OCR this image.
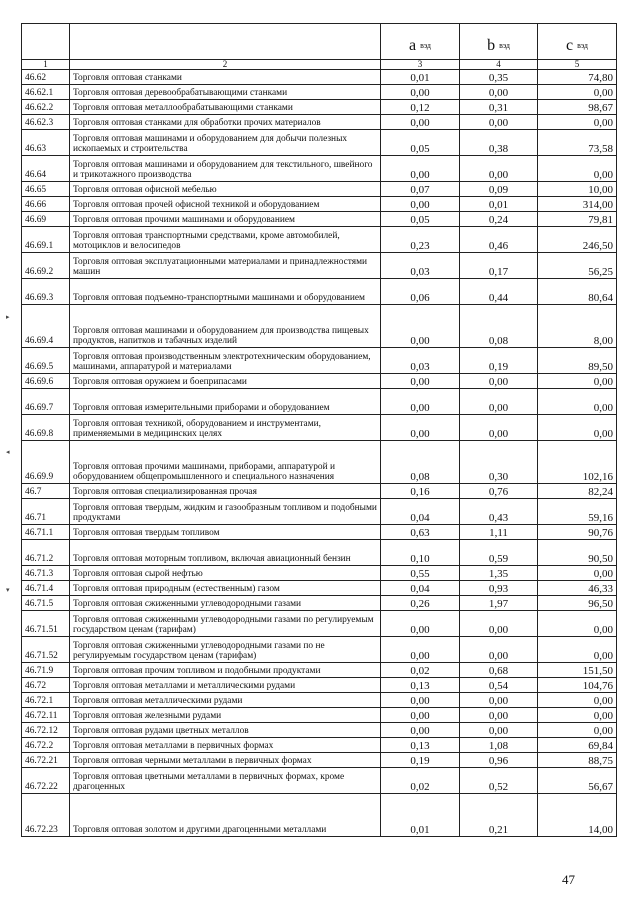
		a $_{вэд}$	b $_{вэд}$	c $_{вэд}$
1	2	3	4	5
46.62	Торговля оптовая станками	0,01	0,35	74,80
46.62.1	Торговля оптовая деревообрабатывающими станками	0,00	0,00	0,00
46.62.2	Торговля оптовая металлообрабатывающими станками	0,12	0,31	98,67
46.62.3	Торговля оптовая станками для обработки прочих материалов	0,00	0,00	0,00
46.63	Торговля оптовая машинами и оборудованием для добычи полезных ископаемых и строительства	0,05	0,38	73,58
46.64	Торговля оптовая машинами и оборудованием для текстильного, швейного и трикотажного производства	0,00	0,00	0,00
46.65	Торговля оптовая офисной мебелью	0,07	0,09	10,00
46.66	Торговля оптовая прочей офисной техникой и оборудованием	0,00	0,01	314,00
46.69	Торговля оптовая прочими машинами и оборудованием	0,05	0,24	79,81
46.69.1	Торговля оптовая транспортными средствами, кроме автомобилей, мотоциклов и велосипедов	0,23	0,46	246,50
46.69.2	Торговля оптовая эксплуатационными материалами и принадлежностями машин	0,03	0,17	56,25
46.69.3	Торговля оптовая подъемно-транспортными машинами и оборудованием	0,06	0,44	80,64
46.69.4	Торговля оптовая машинами и оборудованием для производства пищевых продуктов, напитков и табачных изделий	0,00	0,08	8,00
46.69.5	Торговля оптовая производственным электротехническим оборудованием, машинами, аппаратурой и материалами	0,03	0,19	89,50
46.69.6	Торговля оптовая оружием и боеприпасами	0,00	0,00	0,00
46.69.7	Торговля оптовая измерительными приборами и оборудованием	0,00	0,00	0,00
46.69.8	Торговля оптовая техникой, оборудованием и инструментами, применяемыми в медицинских целях	0,00	0,00	0,00
46.69.9	Торговля оптовая прочими машинами, приборами, аппаратурой и оборудованием общепромышленного и специального назначения	0,08	0,30	102,16
46.7	Торговля оптовая специализированная прочая	0,16	0,76	82,24
46.71	Торговля оптовая твердым, жидким и газообразным топливом и подобными продуктами	0,04	0,43	59,16
46.71.1	Торговля оптовая твердым топливом	0,63	1,11	90,76
46.71.2	Торговля оптовая моторным топливом, включая авиационный бензин	0,10	0,59	90,50
46.71.3	Торговля оптовая сырой нефтью	0,55	1,35	0,00
46.71.4	Торговля оптовая природным (естественным) газом	0,04	0,93	46,33
46.71.5	Торговля оптовая сжиженными углеводородными газами	0,26	1,97	96,50
46.71.51	Торговля оптовая сжиженными углеводородными газами по регулируемым государством ценам (тарифам)	0,00	0,00	0,00
46.71.52	Торговля оптовая сжиженными углеводородными газами по не регулируемым государством ценам (тарифам)	0,00	0,00	0,00
46.71.9	Торговля оптовая прочим топливом и подобными продуктами	0,02	0,68	151,50
46.72	Торговля оптовая металлами и металлическими рудами	0,13	0,54	104,76
46.72.1	Торговля оптовая металлическими рудами	0,00	0,00	0,00
46.72.11	Торговля оптовая железными рудами	0,00	0,00	0,00
46.72.12	Торговля оптовая рудами цветных металлов	0,00	0,00	0,00
46.72.2	Торговля оптовая металлами в первичных формах	0,13	1,08	69,84
46.72.21	Торговля оптовая черными металлами в первичных формах	0,19	0,96	88,75
46.72.22	Торговля оптовая цветными металлами в первичных формах, кроме драгоценных	0,02	0,52	56,67
46.72.23	Торговля оптовая золотом и другими драгоценными металлами	0,01	0,21	14,00
▸
◂
▾
47
